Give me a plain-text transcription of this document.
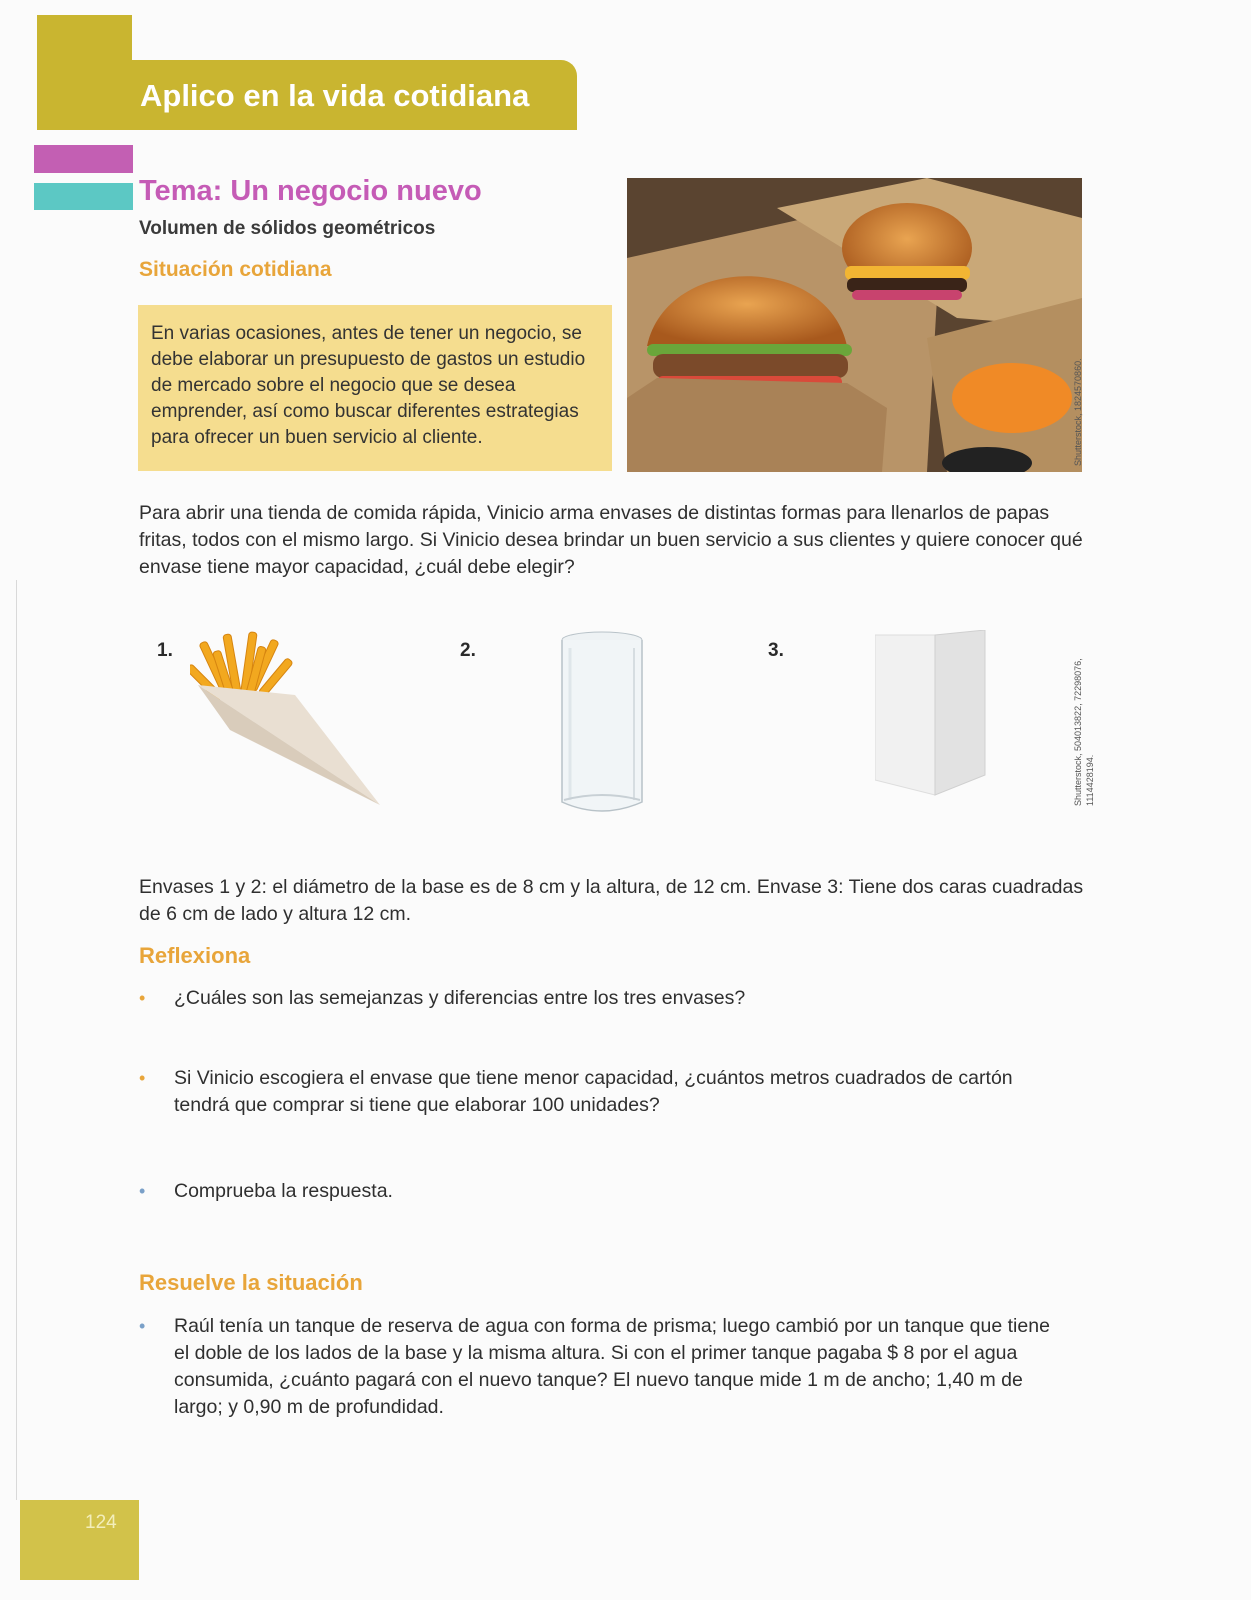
Aplico en la vida cotidiana
Tema: Un negocio nuevo
Volumen de sólidos geométricos
Situación cotidiana
En varias ocasiones, antes de tener un negocio, se debe elaborar un presupuesto de gastos un estudio de mercado sobre el negocio que se desea emprender, así como buscar diferentes estrategias para ofrecer un buen servicio al cliente.	Shutterstock, 1824570860.
Para abrir una tienda de comida rápida, Vinicio arma envases de distintas formas para llenarlos de papas fritas, todos con el mismo largo. Si Vinicio desea brindar un buen servicio a sus clientes y quiere conocer qué envase tiene mayor capacidad, ¿cuál debe elegir?
1.	2.	3.
Shutterstock, 504013822, 72298076, 1114428194.
Envases 1 y 2: el diámetro de la base es de 8 cm y la altura, de 12 cm. Envase 3: Tiene dos caras cuadradas de 6 cm de lado y altura 12 cm.
Reflexiona
• ¿Cuáles son las semejanzas y diferencias entre los tres envases?
• Si Vinicio escogiera el envase que tiene menor capacidad, ¿cuántos metros cuadrados de cartón tendrá que comprar si tiene que elaborar 100 unidades?
• Comprueba la respuesta.
Resuelve la situación
• Raúl tenía un tanque de reserva de agua con forma de prisma; luego cambió por un tanque que tiene el doble de los lados de la base y la misma altura. Si con el primer tanque pagaba $ 8 por el agua consumida, ¿cuánto pagará con el nuevo tanque? El nuevo tanque mide 1 m de ancho; 1,40 m de largo; y 0,90 m de profundidad.
124
